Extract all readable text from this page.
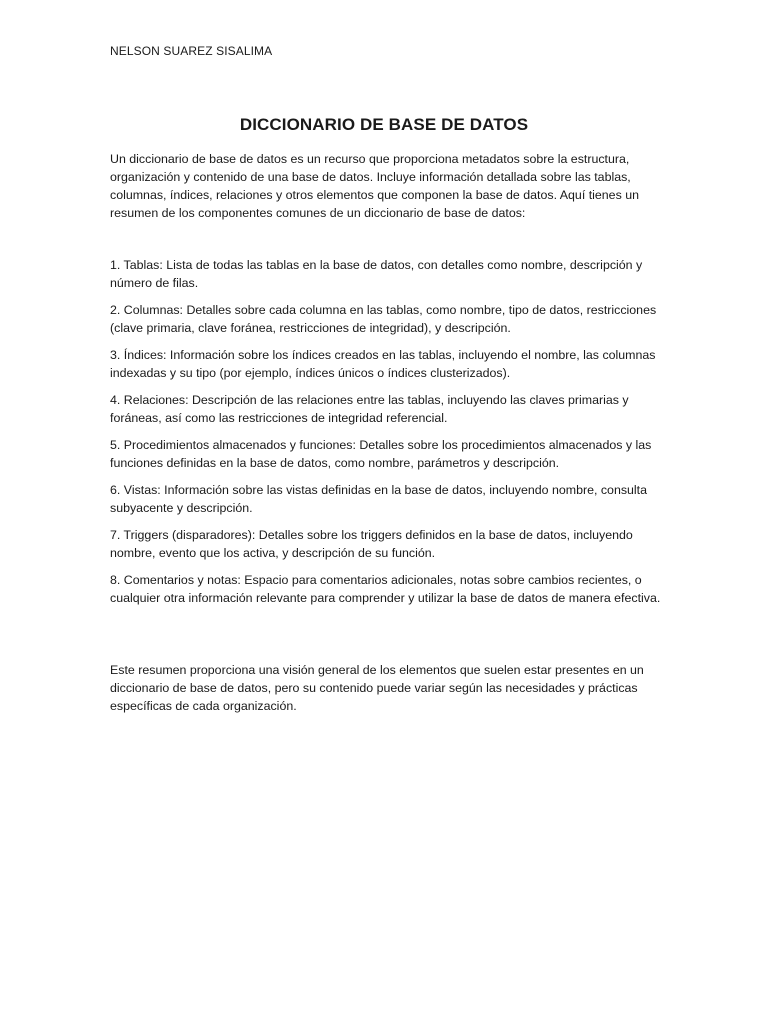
NELSON SUAREZ SISALIMA
DICCIONARIO DE BASE DE DATOS

Un diccionario de base de datos es un recurso que proporciona metadatos sobre la estructura, organización y contenido de una base de datos. Incluye información detallada sobre las tablas, columnas, índices, relaciones y otros elementos que componen la base de datos. Aquí tienes un resumen de los componentes comunes de un diccionario de base de datos:

1. Tablas: Lista de todas las tablas en la base de datos, con detalles como nombre, descripción y número de filas.
2. Columnas: Detalles sobre cada columna en las tablas, como nombre, tipo de datos, restricciones (clave primaria, clave foránea, restricciones de integridad), y descripción.
3. Índices: Información sobre los índices creados en las tablas, incluyendo el nombre, las columnas indexadas y su tipo (por ejemplo, índices únicos o índices clusterizados).
4. Relaciones: Descripción de las relaciones entre las tablas, incluyendo las claves primarias y foráneas, así como las restricciones de integridad referencial.
5. Procedimientos almacenados y funciones: Detalles sobre los procedimientos almacenados y las funciones definidas en la base de datos, como nombre, parámetros y descripción.
6. Vistas: Información sobre las vistas definidas en la base de datos, incluyendo nombre, consulta subyacente y descripción.
7. Triggers (disparadores): Detalles sobre los triggers definidos en la base de datos, incluyendo nombre, evento que los activa, y descripción de su función.
8. Comentarios y notas: Espacio para comentarios adicionales, notas sobre cambios recientes, o cualquier otra información relevante para comprender y utilizar la base de datos de manera efectiva.

Este resumen proporciona una visión general de los elementos que suelen estar presentes en un diccionario de base de datos, pero su contenido puede variar según las necesidades y prácticas específicas de cada organización.
